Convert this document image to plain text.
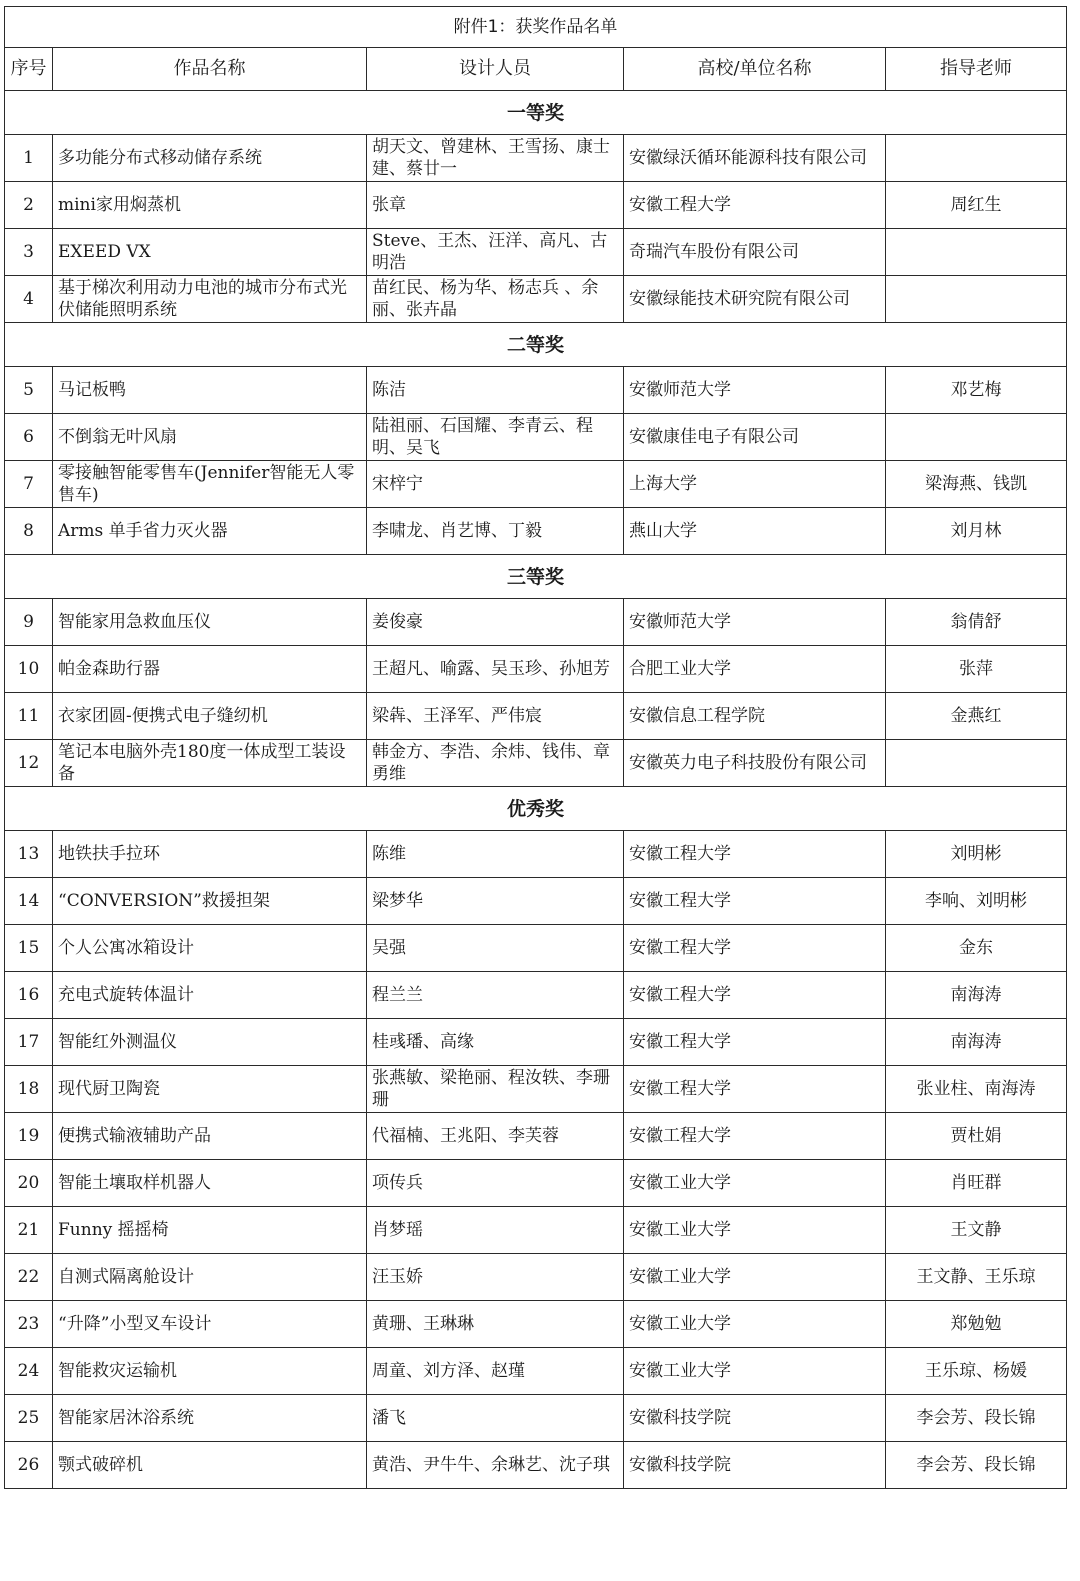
附件1：获奖作品名单				
序号	作品名称	设计人员	高校/单位名称	指导老师
一等奖				
1	多功能分布式移动储存系统	胡天文、曾建林、王雪扬、康士建、蔡廿一	安徽绿沃循环能源科技有限公司	
2	mini家用焖蒸机	张章	安徽工程大学	周红生
3	EXEED VX	Steve、王杰、汪洋、高凡、古明浩	奇瑞汽车股份有限公司	
4	基于梯次利用动力电池的城市分布式光伏储能照明系统	苗红民、杨为华、杨志兵 、余丽、张卉晶	安徽绿能技术研究院有限公司	
二等奖				
5	马记板鸭	陈洁	安徽师范大学	邓艺梅
6	不倒翁无叶风扇	陆祖丽、石国耀、李青云、程明、吴飞	安徽康佳电子有限公司	
7	零接触智能零售车(Jennifer智能无人零售车)	宋梓宁	上海大学	梁海燕、钱凯
8	Arms 单手省力灭火器	李啸龙、肖艺博、丁毅	燕山大学	刘月林
三等奖				
9	智能家用急救血压仪	姜俊豪	安徽师范大学	翁倩舒
10	帕金森助行器	王超凡、喻露、吴玉珍、孙旭芳	合肥工业大学	张萍
11	衣家团圆-便携式电子缝纫机	梁犇、王泽军、严伟宸	安徽信息工程学院	金燕红
12	笔记本电脑外壳180度一体成型工装设备	韩金方、李浩、余炜、钱伟、章勇维	安徽英力电子科技股份有限公司	
优秀奖				
13	地铁扶手拉环	陈维	安徽工程大学	刘明彬
14	“CONVERSION”救援担架	梁梦华	安徽工程大学	李响、刘明彬
15	个人公寓冰箱设计	吴强	安徽工程大学	金东
16	充电式旋转体温计	程兰兰	安徽工程大学	南海涛
17	智能红外测温仪	桂彧璠、高缘	安徽工程大学	南海涛
18	现代厨卫陶瓷	张燕敏、梁艳丽、程汝轶、李珊珊	安徽工程大学	张业柱、南海涛
19	便携式输液辅助产品	代福楠、王兆阳、李芙蓉	安徽工程大学	贾杜娟
20	智能土壤取样机器人	项传兵	安徽工业大学	肖旺群
21	Funny 摇摇椅	肖梦瑶	安徽工业大学	王文静
22	自测式隔离舱设计	汪玉娇	安徽工业大学	王文静、王乐琼
23	“升降”小型叉车设计	黄珊、王琳琳	安徽工业大学	郑勉勉
24	智能救灾运输机	周童、刘方泽、赵瑾	安徽工业大学	王乐琼、杨媛
25	智能家居沐浴系统	潘飞	安徽科技学院	李会芳、段长锦
26	颚式破碎机	黄浩、尹牛牛、余琳艺、沈子琪	安徽科技学院	李会芳、段长锦
